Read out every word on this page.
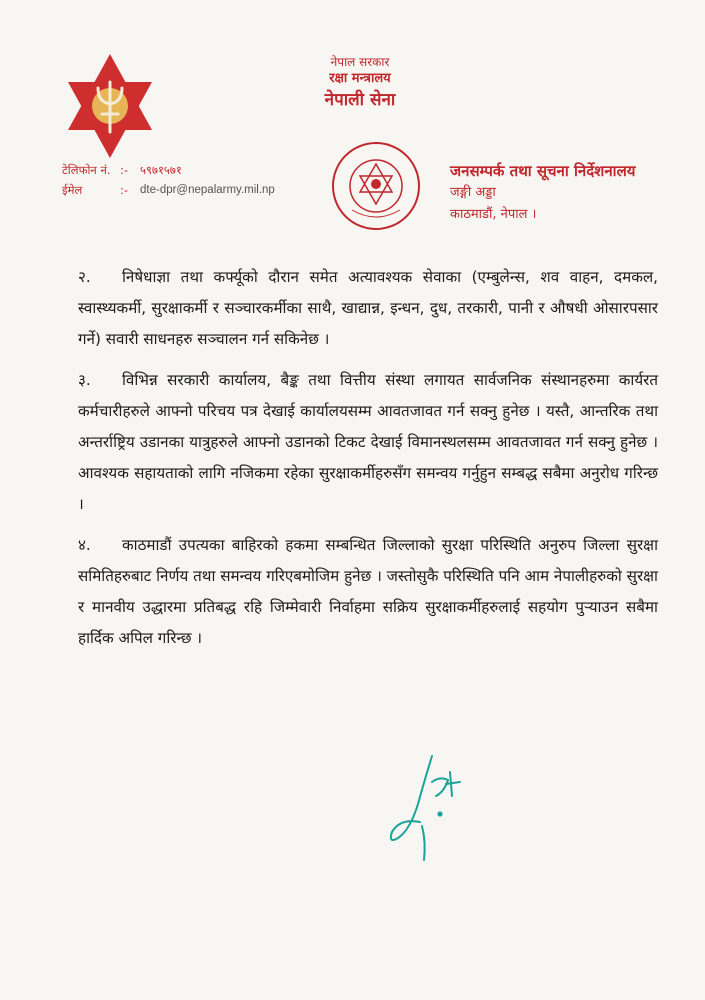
नेपाल सरकार
रक्षा मन्त्रालय
नेपाली सेना
टेलिफोन नं. :-	५९७१५७१
ईमेल	:-	dte-dpr@nepalarmy.mil.np
जनसम्पर्क तथा सूचना निर्देशनालय
जङ्गी अड्डा
काठमाडौं, नेपाल ।

२. निषेधाज्ञा तथा कर्फ्यूको दौरान समेत अत्यावश्यक सेवाका (एम्बुलेन्स, शव वाहन, दमकल, स्वास्थ्यकर्मी, सुरक्षाकर्मी र सञ्चारकर्मीका साथै, खाद्यान्न, इन्धन, दुध, तरकारी, पानी र औषधी ओसारपसार गर्ने) सवारी साधनहरु सञ्चालन गर्न सकिनेछ ।

३. विभिन्न सरकारी कार्यालय, बैङ्क तथा वित्तीय संस्था लगायत सार्वजनिक संस्थानहरुमा कार्यरत कर्मचारीहरुले आफ्नो परिचय पत्र देखाई कार्यालयसम्म आवतजावत गर्न सक्नु हुनेछ । यस्तै, आन्तरिक तथा अन्तर्राष्ट्रिय उडानका यात्रुहरुले आफ्नो उडानको टिकट देखाई विमानस्थलसम्म आवतजावत गर्न सक्नु हुनेछ । आवश्यक सहायताको लागि नजिकमा रहेका सुरक्षाकर्मीहरुसँग समन्वय गर्नुहुन सम्बद्ध सबैमा अनुरोध गरिन्छ ।

४. काठमाडौं उपत्यका बाहिरको हकमा सम्बन्धित जिल्लाको सुरक्षा परिस्थिति अनुरुप जिल्ला सुरक्षा समितिहरुबाट निर्णय तथा समन्वय गरिएबमोजिम हुनेछ । जस्तोसुकै परिस्थिति पनि आम नेपालीहरुको सुरक्षा र मानवीय उद्धारमा प्रतिबद्ध रहि जिम्मेवारी निर्वाहमा सक्रिय सुरक्षाकर्मीहरुलाई सहयोग पुर्‍याउन सबैमा हार्दिक अपिल गरिन्छ ।
